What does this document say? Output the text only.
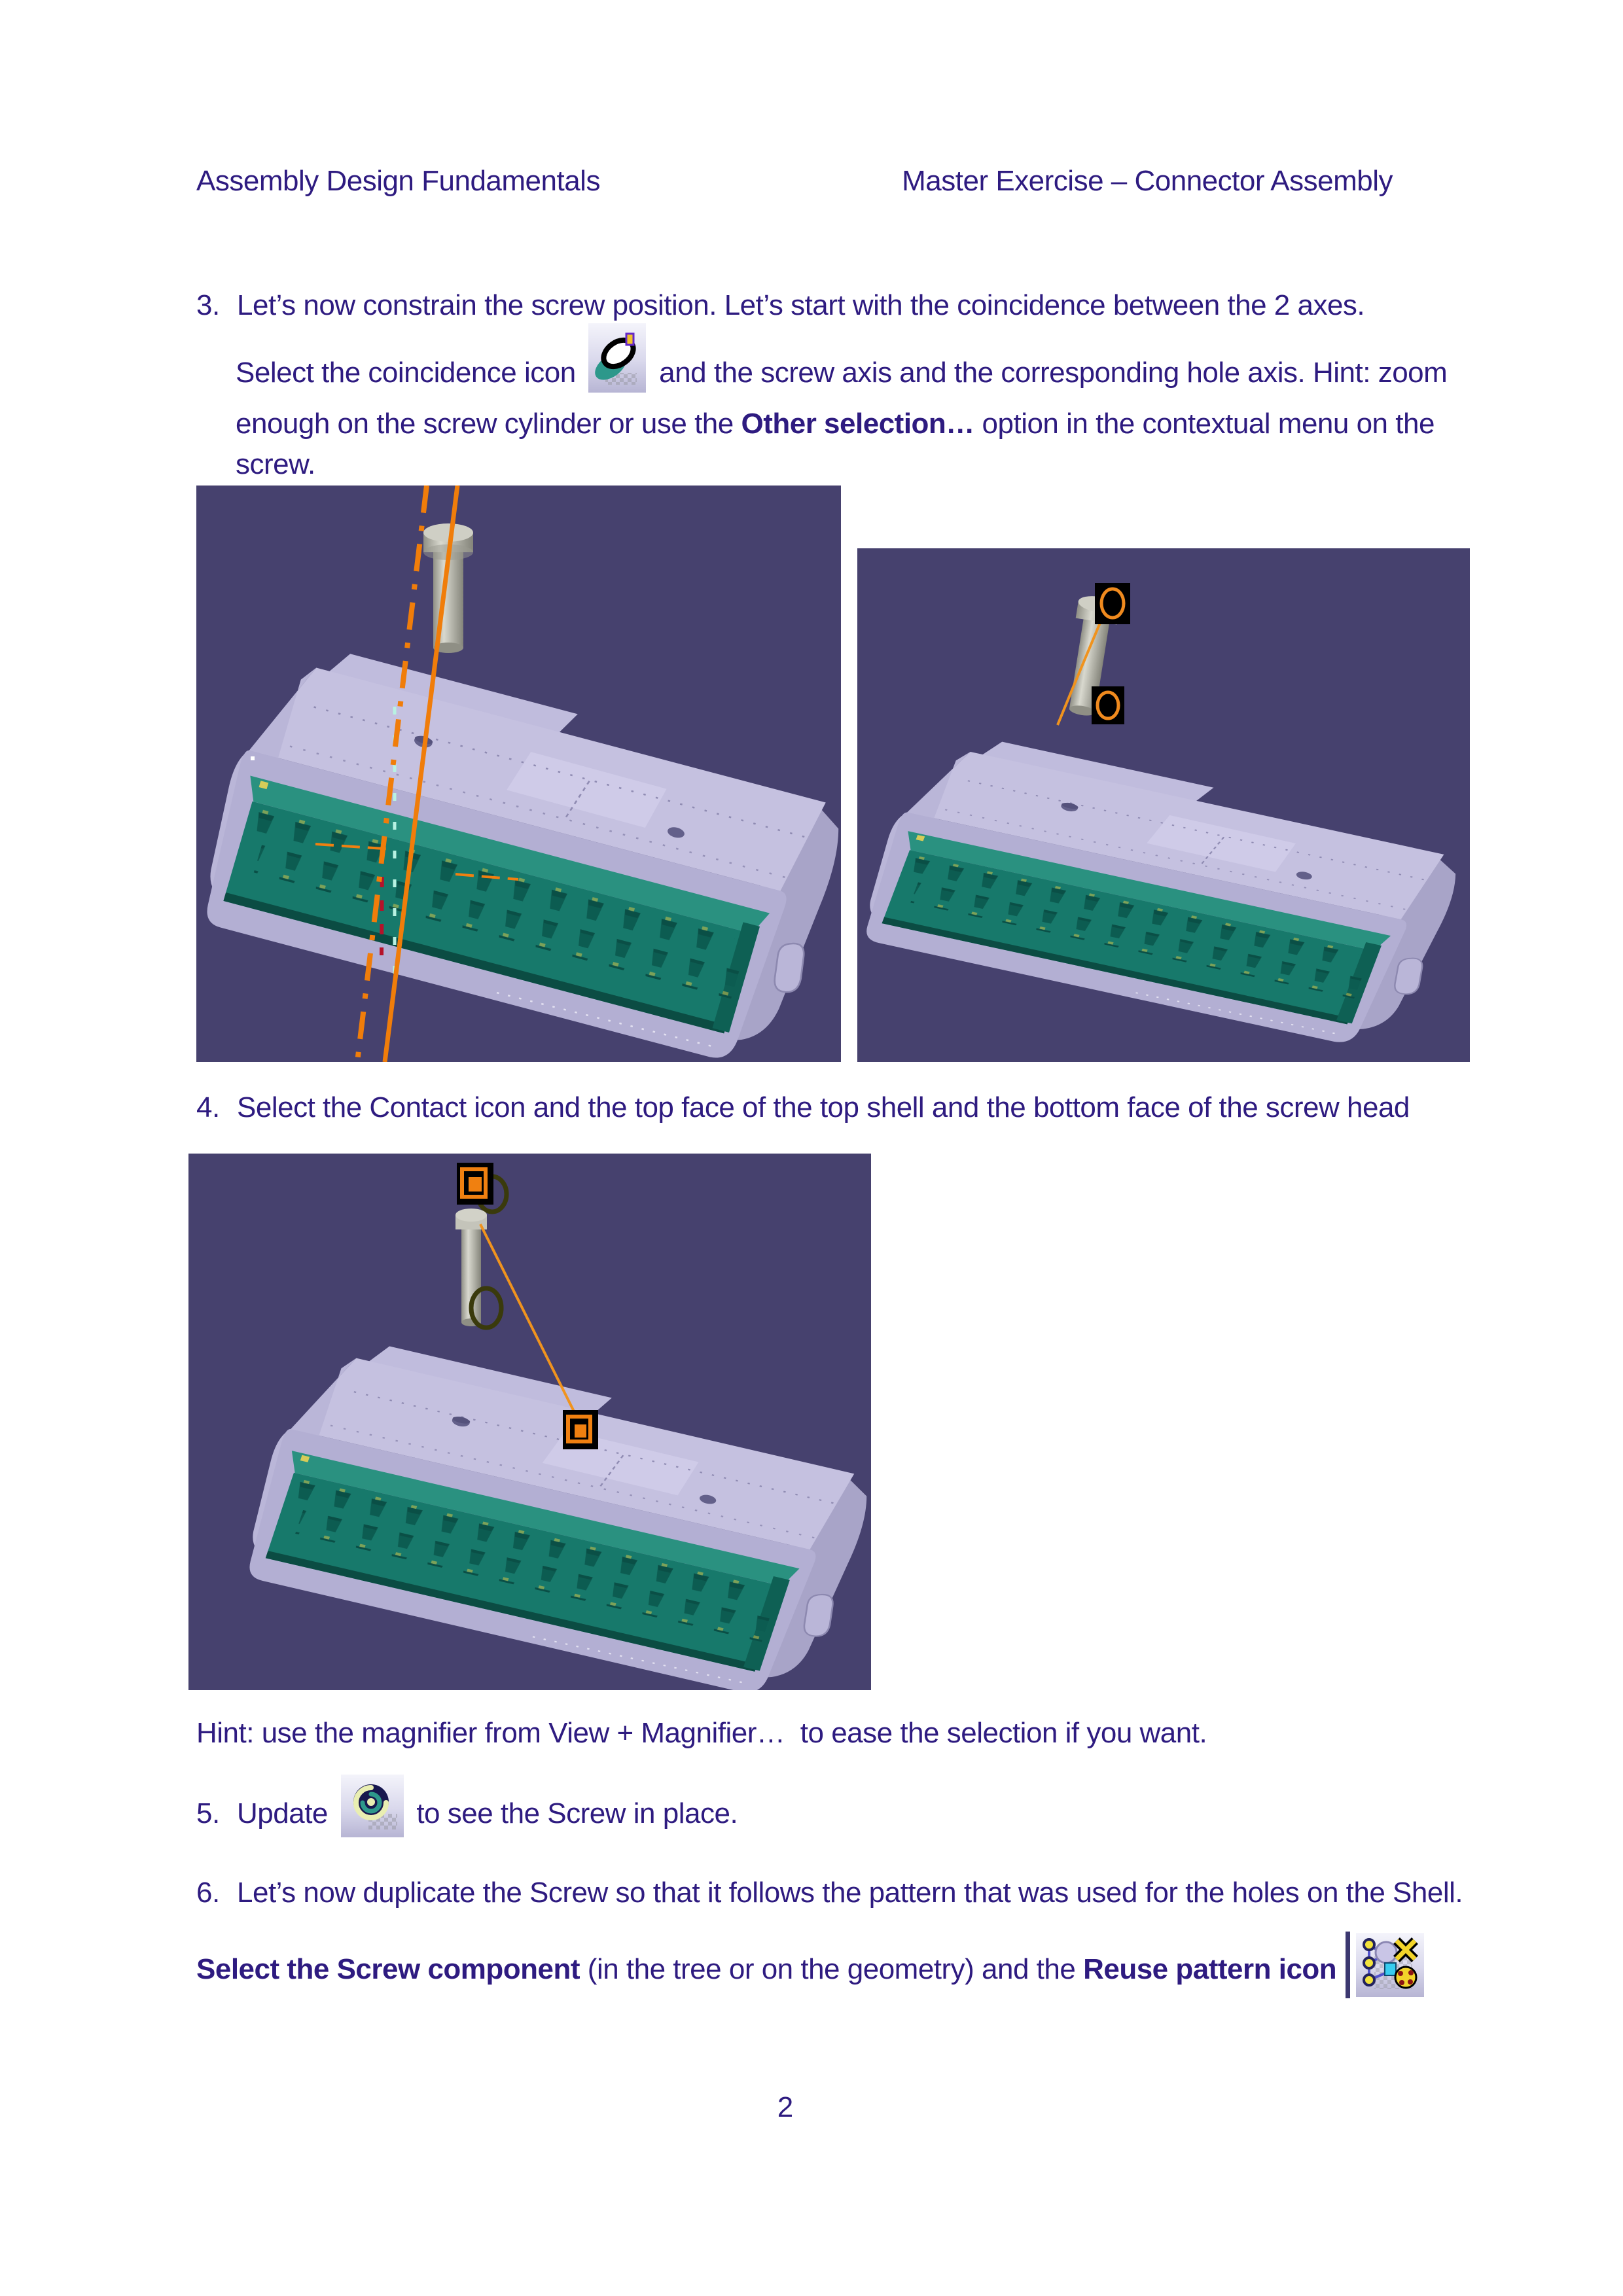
Assembly Design Fundamentals	Master Exercise – Connector Assembly
3. Let’s now constrain the screw position. Let’s start with the coincidence between the 2 axes.
Select the coincidence icon  and the screw axis and the corresponding hole axis. Hint: zoom
enough on the screw cylinder or use the Other selection… option in the contextual menu on the
screw.
4. Select the Contact icon and the top face of the top shell and the bottom face of the screw head
Hint: use the magnifier from View + Magnifier…  to ease the selection if you want.
5. Update	to see the Screw in place.
6. Let’s now duplicate the Screw so that it follows the pattern that was used for the holes on the Shell.
Select the Screw component (in the tree or on the geometry) and the Reuse pattern icon
2
